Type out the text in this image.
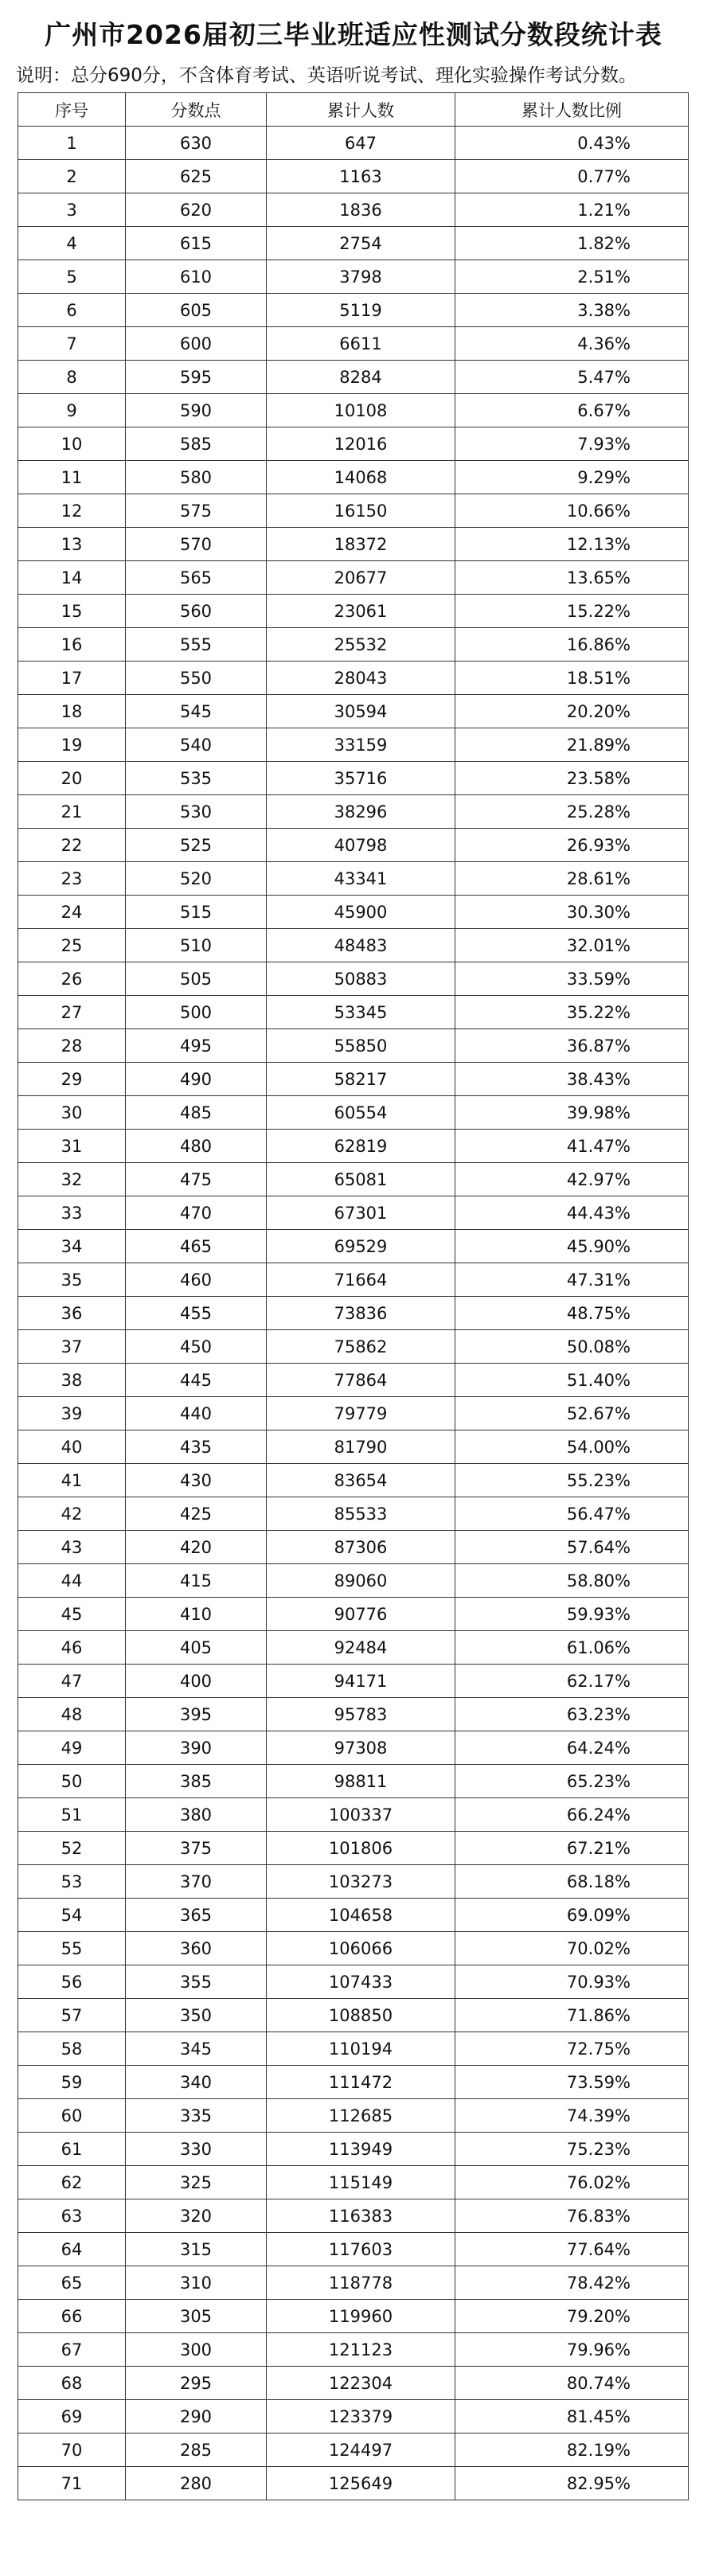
广州市2026届初三毕业班适应性测试分数段统计表
说明：总分690分，不含体育考试、英语听说考试、理化实验操作考试分数。
序号	分数点	累计人数	累计人数比例
1	630	647	0.43%
2	625	1163	0.77%
3	620	1836	1.21%
4	615	2754	1.82%
5	610	3798	2.51%
6	605	5119	3.38%
7	600	6611	4.36%
8	595	8284	5.47%
9	590	10108	6.67%
10	585	12016	7.93%
11	580	14068	9.29%
12	575	16150	10.66%
13	570	18372	12.13%
14	565	20677	13.65%
15	560	23061	15.22%
16	555	25532	16.86%
17	550	28043	18.51%
18	545	30594	20.20%
19	540	33159	21.89%
20	535	35716	23.58%
21	530	38296	25.28%
22	525	40798	26.93%
23	520	43341	28.61%
24	515	45900	30.30%
25	510	48483	32.01%
26	505	50883	33.59%
27	500	53345	35.22%
28	495	55850	36.87%
29	490	58217	38.43%
30	485	60554	39.98%
31	480	62819	41.47%
32	475	65081	42.97%
33	470	67301	44.43%
34	465	69529	45.90%
35	460	71664	47.31%
36	455	73836	48.75%
37	450	75862	50.08%
38	445	77864	51.40%
39	440	79779	52.67%
40	435	81790	54.00%
41	430	83654	55.23%
42	425	85533	56.47%
43	420	87306	57.64%
44	415	89060	58.80%
45	410	90776	59.93%
46	405	92484	61.06%
47	400	94171	62.17%
48	395	95783	63.23%
49	390	97308	64.24%
50	385	98811	65.23%
51	380	100337	66.24%
52	375	101806	67.21%
53	370	103273	68.18%
54	365	104658	69.09%
55	360	106066	70.02%
56	355	107433	70.93%
57	350	108850	71.86%
58	345	110194	72.75%
59	340	111472	73.59%
60	335	112685	74.39%
61	330	113949	75.23%
62	325	115149	76.02%
63	320	116383	76.83%
64	315	117603	77.64%
65	310	118778	78.42%
66	305	119960	79.20%
67	300	121123	79.96%
68	295	122304	80.74%
69	290	123379	81.45%
70	285	124497	82.19%
71	280	125649	82.95%
